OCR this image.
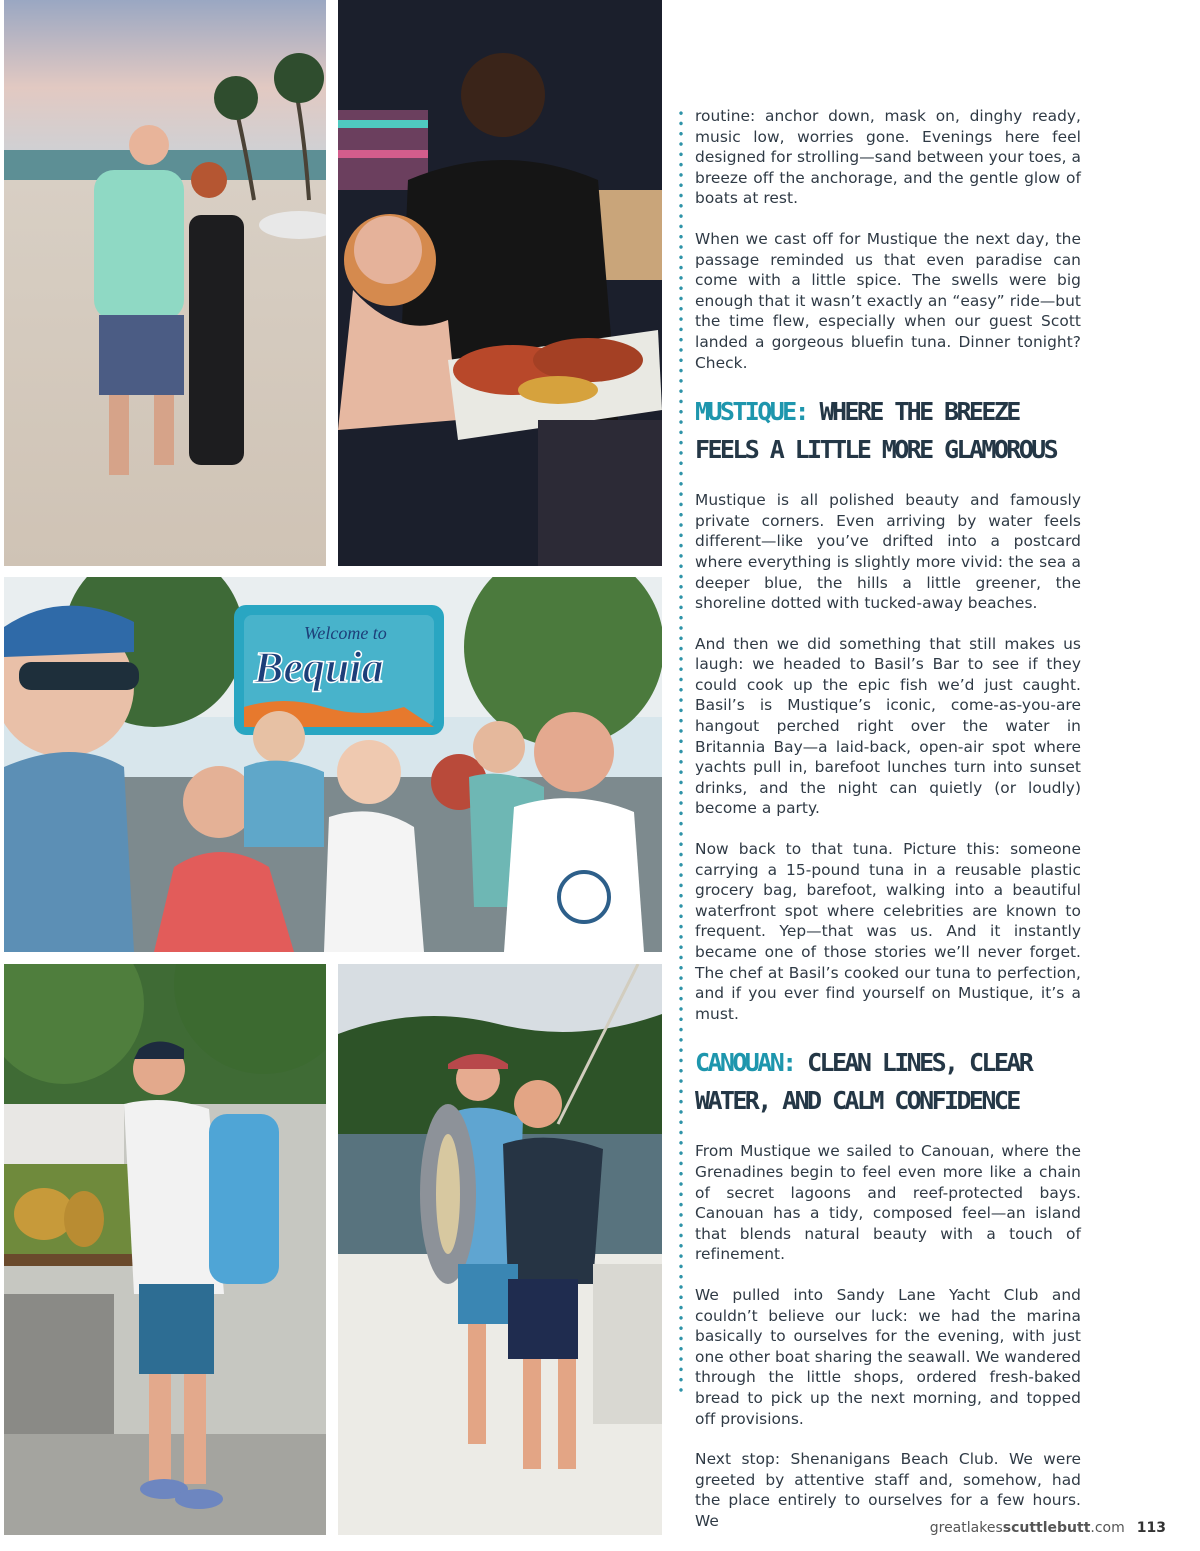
Welcome to
Bequia

routine: anchor down, mask on, dinghy ready, music low, worries gone. Evenings here feel designed for strolling—sand between your toes, a breeze off the anchorage, and the gentle glow of boats at rest.

When we cast off for Mustique the next day, the passage reminded us that even paradise can come with a little spice. The swells were big enough that it wasn’t exactly an “easy” ride—but the time flew, especially when our guest Scott landed a gorgeous bluefin tuna. Dinner tonight? Check.

MUSTIQUE: WHERE THE BREEZE FEELS A LITTLE MORE GLAMOROUS

Mustique is all polished beauty and famously private corners. Even arriving by water feels different—like you’ve drifted into a postcard where everything is slightly more vivid: the sea a deeper blue, the hills a little greener, the shoreline dotted with tucked-away beaches.

And then we did something that still makes us laugh: we headed to Basil’s Bar to see if they could cook up the epic fish we’d just caught. Basil’s is Mustique’s iconic, come-as-you-are hangout perched right over the water in Britannia Bay—a laid-back, open-air spot where yachts pull in, barefoot lunches turn into sunset drinks, and the night can quietly (or loudly) become a party.

Now back to that tuna. Picture this: someone carrying a 15-pound tuna in a reusable plastic grocery bag, barefoot, walking into a beautiful waterfront spot where celebrities are known to frequent. Yep—that was us. And it instantly became one of those stories we’ll never forget. The chef at Basil’s cooked our tuna to perfection, and if you ever find yourself on Mustique, it’s a must.

CANOUAN: CLEAN LINES, CLEAR WATER, AND CALM CONFIDENCE

From Mustique we sailed to Canouan, where the Grenadines begin to feel even more like a chain of secret lagoons and reef-protected bays. Canouan has a tidy, composed feel—an island that blends natural beauty with a touch of refinement.

We pulled into Sandy Lane Yacht Club and couldn’t believe our luck: we had the marina basically to ourselves for the evening, with just one other boat sharing the seawall. We wandered through the little shops, ordered fresh-baked bread to pick up the next morning, and topped off provisions.

Next stop: Shenanigans Beach Club. We were greeted by attentive staff and, somehow, had the place entirely to ourselves for a few hours. We	greatlakesscuttlebutt.com 113
